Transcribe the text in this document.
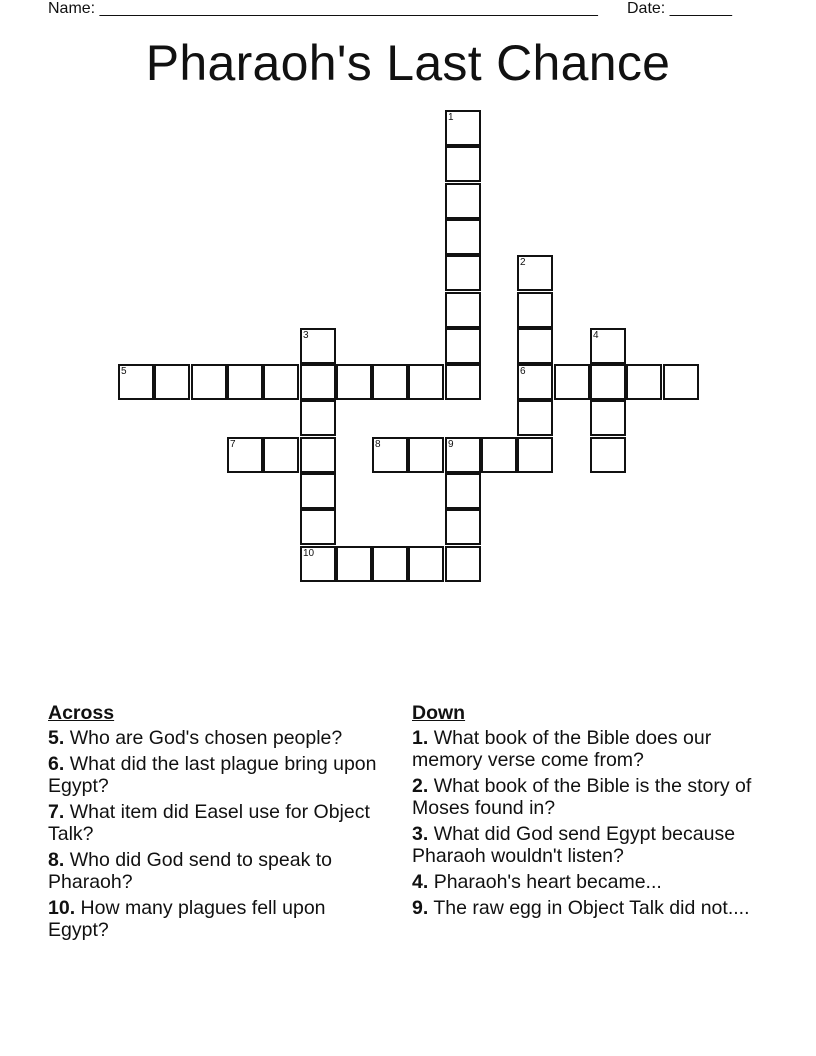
Name: ________________________________________________________ Date: _______
Pharaoh's Last Chance
5	6
7	8	9
10
1
2
3	4
Across
5. Who are God's chosen people?
6. What did the last plague bring upon Egypt?
7. What item did Easel use for Object Talk?
8. Who did God send to speak to Pharaoh?
10. How many plagues fell upon Egypt?
Down
1. What book of the Bible does our memory verse come from?
2. What book of the Bible is the story of Moses found in?
3. What did God send Egypt because Pharaoh wouldn't listen?
4. Pharaoh's heart became...
9. The raw egg in Object Talk did not....
